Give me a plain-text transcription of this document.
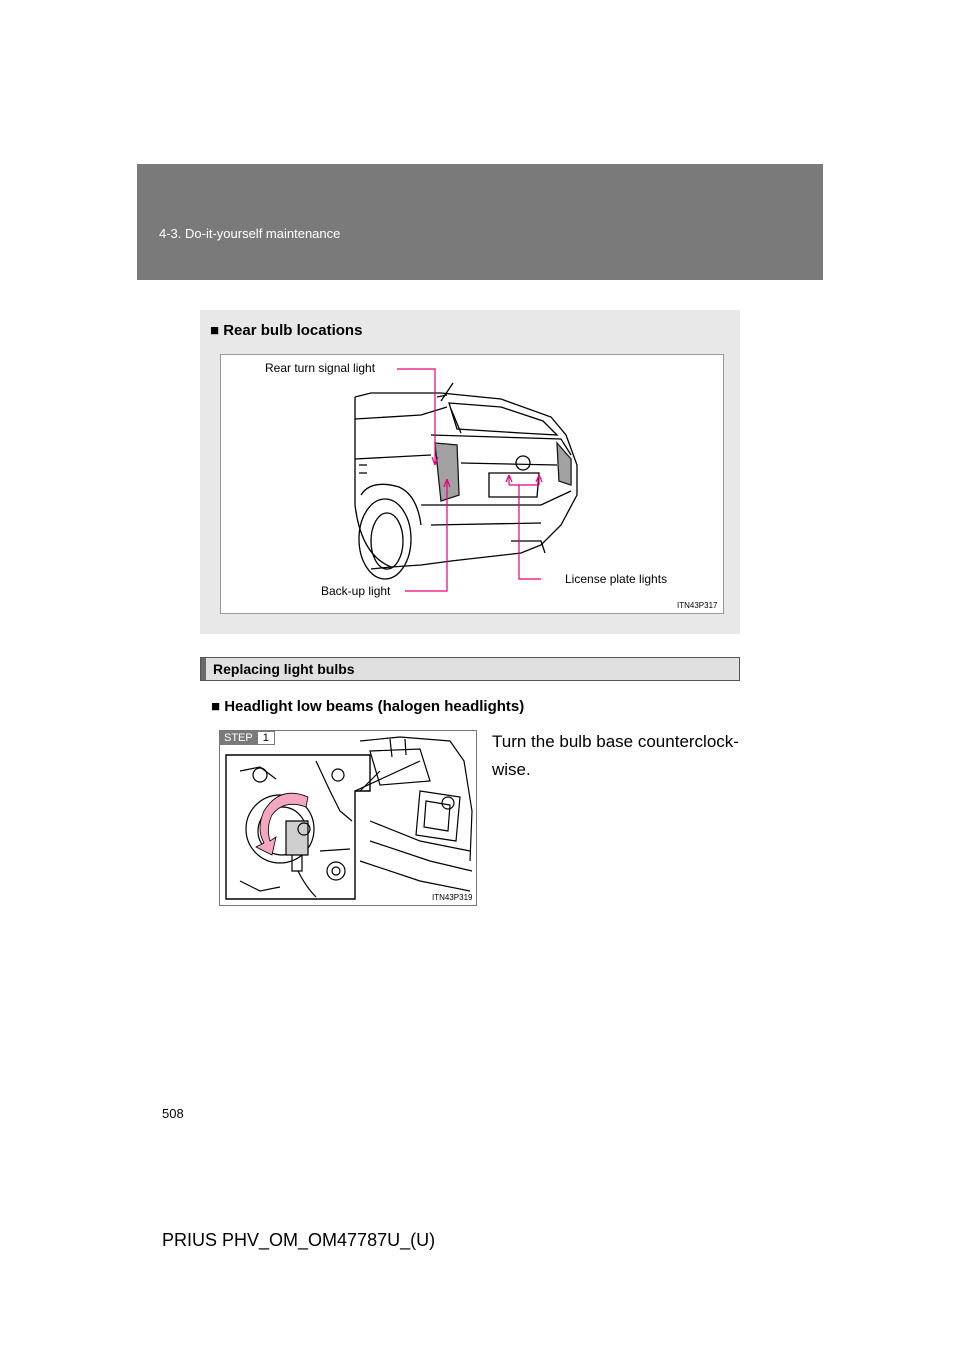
4-3. Do-it-yourself maintenance
■ Rear bulb locations
Rear turn signal light
Back-up light
License plate lights
ITN43P317
Replacing light bulbs
■ Headlight low beams (halogen headlights)
STEP 1
ITN43P319
Turn the bulb base counterclock-
wise.
508
PRIUS PHV_OM_OM47787U_(U)
